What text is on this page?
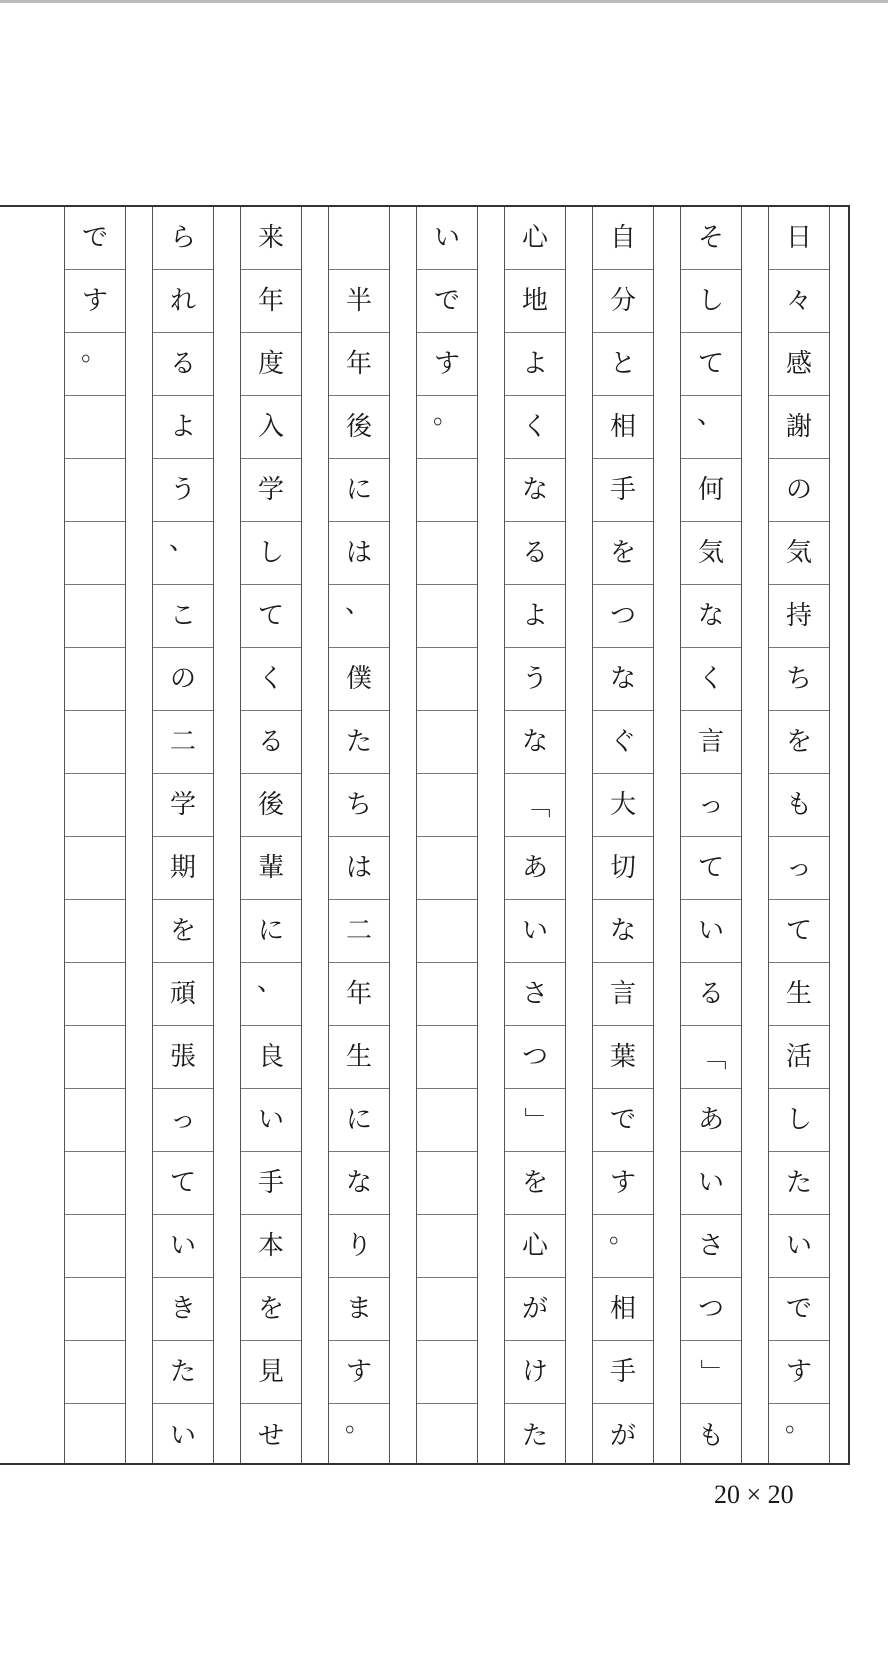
日
々
感
謝
の
気
持
ち
を
も
っ
て
生
活
し
た
い
で
す
。
そ
し
て
、
何
気
な
く
言
っ
て
い
る
「
あ
い
さ
つ
」
も
自
分
と
相
手
を
つ
な
ぐ
大
切
な
言
葉
で
す
。
相
手
が
心
地
よ
く
な
る
よ
う
な
「
あ
い
さ
つ
」
を
心
が
け
た
い
で
す
。
半
年
後
に
は
、
僕
た
ち
は
二
年
生
に
な
り
ま
す
。
来
年
度
入
学
し
て
く
る
後
輩
に
、
良
い
手
本
を
見
せ
ら
れ
る
よ
う
、
こ
の
二
学
期
を
頑
張
っ
て
い
き
た
い
で
す
。
20 × 20
